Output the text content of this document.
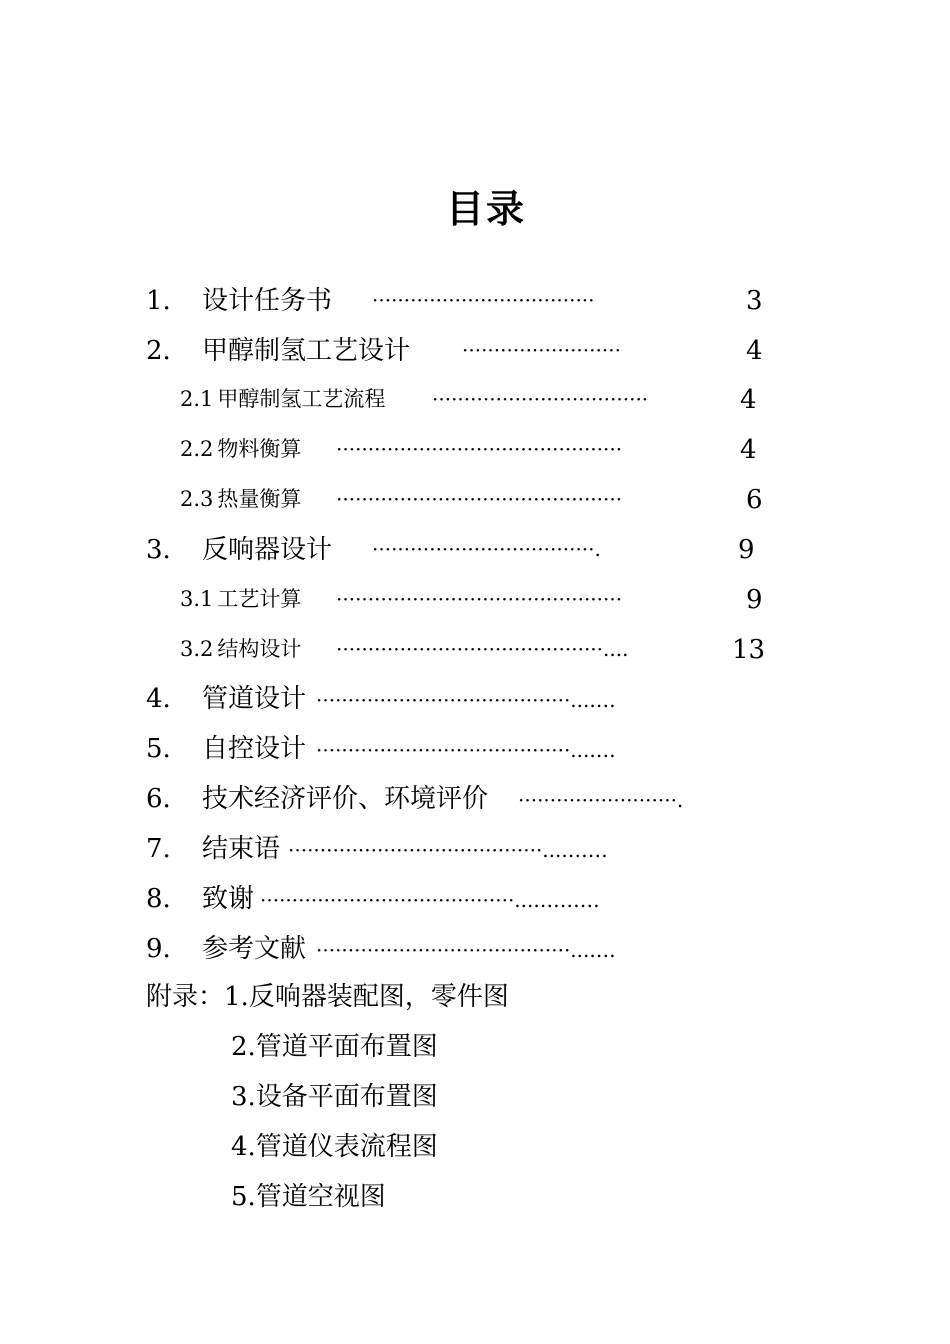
目录
1. 设计任务书 ···································	3
2. 甲醇制氢工艺设计	·························	4
2.1 甲醇制氢工艺流程 ··································	4
2.2 物料衡算 ·············································	4
2.3 热量衡算 ·············································	6
3. 反响器设计 ···································.	9
3.1 工艺计算 ·············································	9
3.2 结构设计 ··········································....	13
4. 管道设计 ········································....…
5. 自控设计 ········································....…
6. 技术经济评价、环境评价 ·························.
7. 结束语 ········································....……
8. 致谢 ········································....………
9. 参考文献 ········································....…
附录：1.反响器装配图，零件图
2.管道平面布置图
3.设备平面布置图
4.管道仪表流程图
5.管道空视图
